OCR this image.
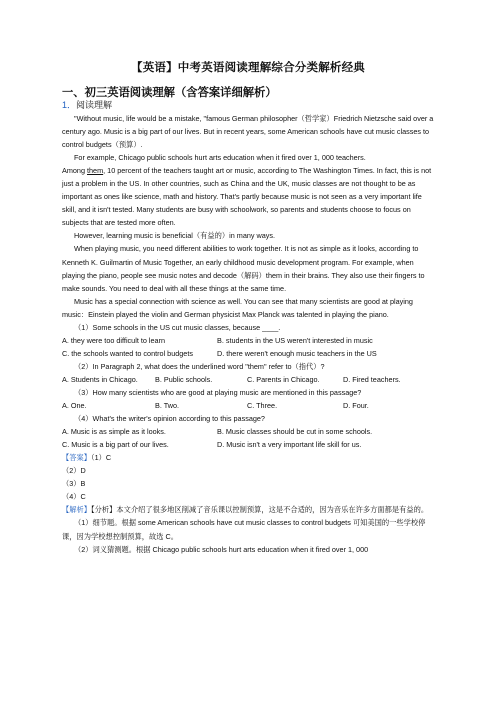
【英语】中考英语阅读理解综合分类解析经典
一、初三英语阅读理解（含答案详细解析）
1．阅读理解

"Without music, life would be a mistake, "famous German philosopher（哲学家）Friedrich Nietzsche said over a century ago. Music is a big part of our lives. But in recent years, some American schools have cut music classes to control budgets（预算）.

For example, Chicago public schools hurt arts education when it fired over 1, 000 teachers.

Among them, 10 percent of the teachers taught art or music, according to The Washington Times. In fact, this is not just a problem in the US. In other countries, such as China and the UK, music classes are not thought to be as important as ones like science, math and history. That's partly because music is not seen as a very important life skill, and it isn't tested. Many students are busy with schoolwork, so parents and students choose to focus on subjects that are tested more often.

However, learning music is beneficial（有益的）in many ways.

When playing music, you need different abilities to work together. It is not as simple as it looks, according to Kenneth K. Guilmartin of Music Together, an early childhood music development program. For example, when playing the piano, people see music notes and decode（解码）them in their brains. They also use their fingers to make sounds. You need to deal with all these things at the same time.

Music has a special connection with science as well. You can see that many scientists are good at playing music：Einstein played the violin and German physicist Max Planck was talented in playing the piano.

（1）Some schools in the US cut music classes, because ____.

A. they were too difficult to learn	B. students in the US weren't interested in music
C. the schools wanted to control budgets	D. there weren't enough music teachers in the US

（2）In Paragraph 2, what does the underlined word "them" refer to（指代）?

A. Students in Chicago.	B. Public schools.	C. Parents in Chicago.	D. Fired teachers.

（3）How many scientists who are good at playing music are mentioned in this passage?

A. One.	B. Two.	C. Three.	D. Four.

（4）What's the writer's opinion according to this passage?

A. Music is as simple as it looks.	B. Music classes should be cut in some schools.
C. Music is a big part of our lives.	D. Music isn't a very important life skill for us.

【答案】（1）C

（2）D

（3）B

（4）C

【解析】【分析】本文介绍了很多地区削减了音乐课以控制预算，这是不合适的，因为音乐在许多方面都是有益的。

（1）细节题。根据 some American schools have cut music classes to control budgets 可知美国的一些学校停课，因为学校想控制预算，故选 C。

（2）词义猜测题。根据 Chicago public schools hurt arts education when it fired over 1, 000
